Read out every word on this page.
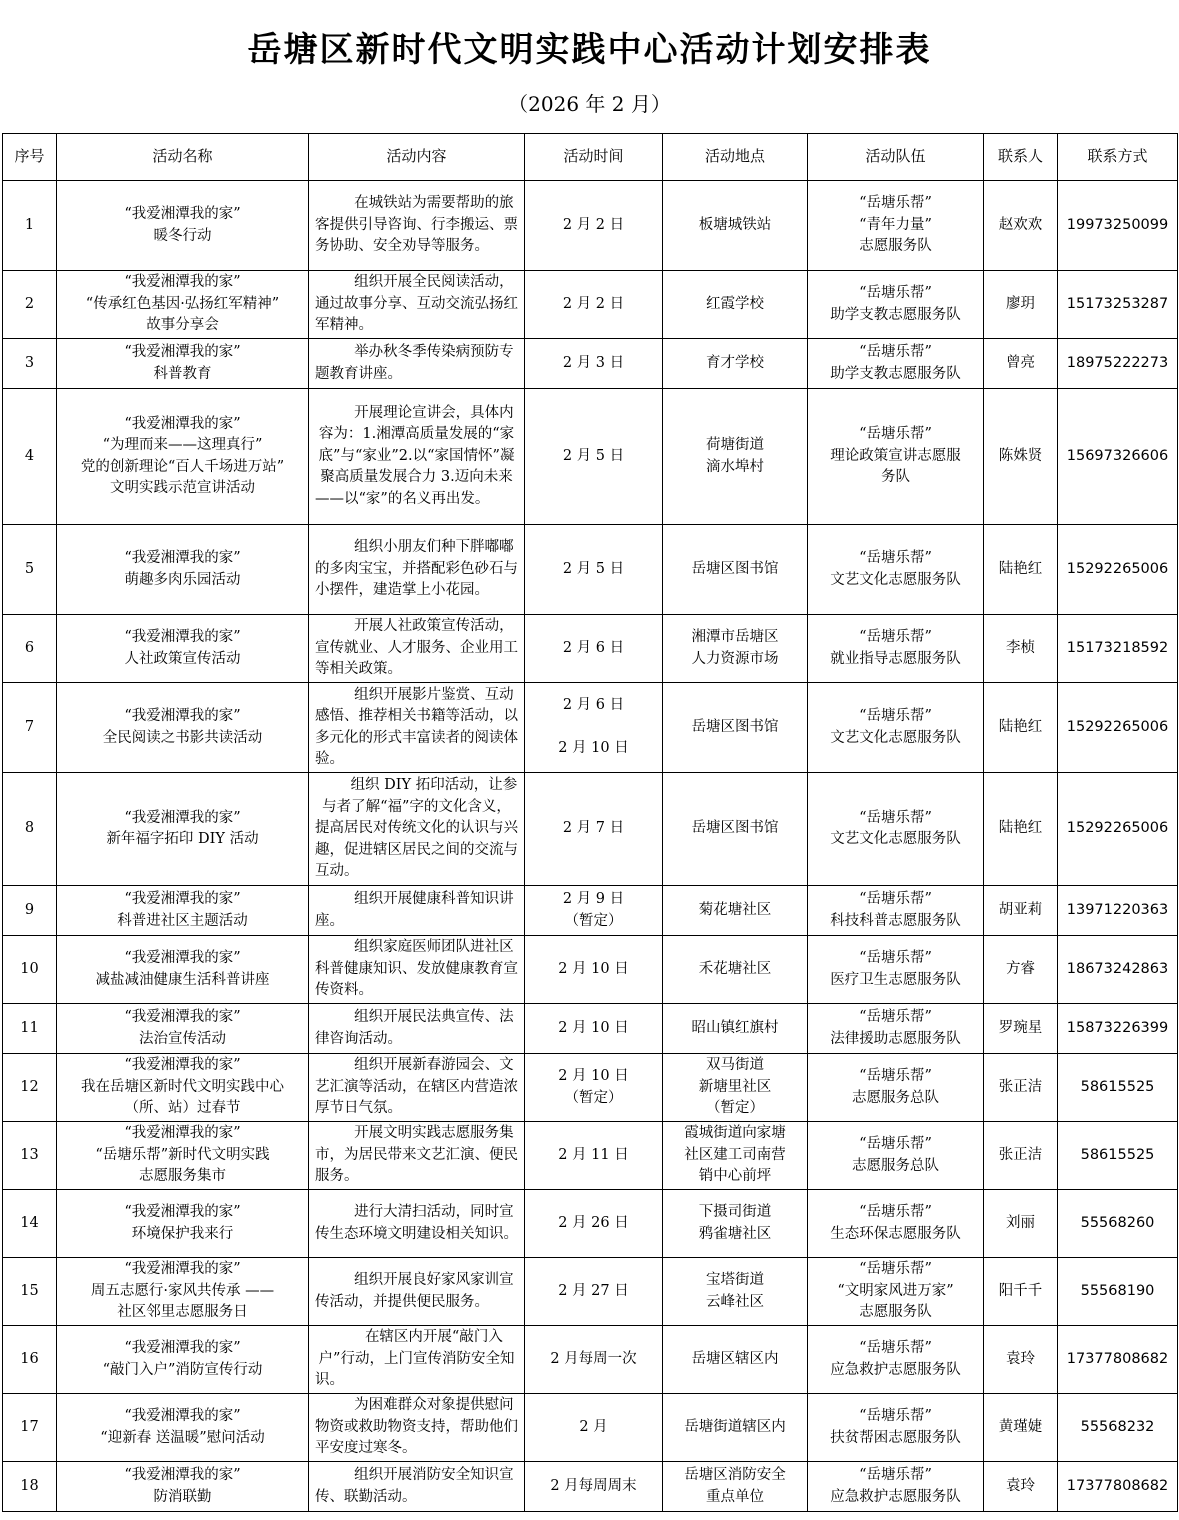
岳塘区新时代文明实践中心活动计划安排表
（2026 年 2 月）
序号	活动名称	活动内容	活动时间	活动地点	活动队伍	联系人	联系方式
1	“我爱湘潭我的家”
暖冬行动	在城铁站为需要帮助的旅客提供引导咨询、行李搬运、票务协助、安全劝导等服务。	2 月 2 日	板塘城铁站	“岳塘乐帮”
“青年力量”
志愿服务队	赵欢欢	19973250099
2	“我爱湘潭我的家”
“传承红色基因·弘扬红军精神”
故事分享会	组织开展全民阅读活动，通过故事分享、互动交流弘扬红军精神。	2 月 2 日	红霞学校	“岳塘乐帮”
助学支教志愿服务队	廖玥	15173253287
3	“我爱湘潭我的家”
科普教育	举办秋冬季传染病预防专题教育讲座。	2 月 3 日	育才学校	“岳塘乐帮”
助学支教志愿服务队	曾亮	18975222273
4	“我爱湘潭我的家”
“为理而来——这理真行”
党的创新理论“百人千场进万站”
文明实践示范宣讲活动	开展理论宣讲会，具体内容为：1.湘潭高质量发展的“家底”与“家业”2.以“家国情怀”凝聚高质量发展合力 3.迈向未来——以“家”的名义再出发。	2 月 5 日	荷塘街道
滴水埠村	“岳塘乐帮”
理论政策宣讲志愿服
务队	陈姝贤	15697326606
5	“我爱湘潭我的家”
萌趣多肉乐园活动	组织小朋友们种下胖嘟嘟的多肉宝宝，并搭配彩色砂石与小摆件，建造掌上小花园。	2 月 5 日	岳塘区图书馆	“岳塘乐帮”
文艺文化志愿服务队	陆艳红	15292265006
6	“我爱湘潭我的家”
人社政策宣传活动	开展人社政策宣传活动，宣传就业、人才服务、企业用工等相关政策。	2 月 6 日	湘潭市岳塘区
人力资源市场	“岳塘乐帮”
就业指导志愿服务队	李桢	15173218592
7	“我爱湘潭我的家”
全民阅读之书影共读活动	组织开展影片鉴赏、互动感悟、推荐相关书籍等活动，以多元化的形式丰富读者的阅读体验。	2 月 6 日

2 月 10 日	岳塘区图书馆	“岳塘乐帮”
文艺文化志愿服务队	陆艳红	15292265006
8	“我爱湘潭我的家”
新年福字拓印 DIY 活动	组织 DIY 拓印活动，让参与者了解“福”字的文化含义，提高居民对传统文化的认识与兴趣，促进辖区居民之间的交流与互动。	2 月 7 日	岳塘区图书馆	“岳塘乐帮”
文艺文化志愿服务队	陆艳红	15292265006
9	“我爱湘潭我的家”
科普进社区主题活动	组织开展健康科普知识讲座。	2 月 9 日
（暂定）	菊花塘社区	“岳塘乐帮”
科技科普志愿服务队	胡亚莉	13971220363
10	“我爱湘潭我的家”
减盐减油健康生活科普讲座	组织家庭医师团队进社区科普健康知识、发放健康教育宣传资料。	2 月 10 日	禾花塘社区	“岳塘乐帮”
医疗卫生志愿服务队	方睿	18673242863
11	“我爱湘潭我的家”
法治宣传活动	组织开展民法典宣传、法律咨询活动。	2 月 10 日	昭山镇红旗村	“岳塘乐帮”
法律援助志愿服务队	罗琬星	15873226399
12	“我爱湘潭我的家”
我在岳塘区新时代文明实践中心
（所、站）过春节	组织开展新春游园会、文艺汇演等活动，在辖区内营造浓厚节日气氛。	2 月 10 日
（暂定）	双马街道
新塘里社区
（暂定）	“岳塘乐帮”
志愿服务总队	张正洁	58615525
13	“我爱湘潭我的家”
“岳塘乐帮”新时代文明实践
志愿服务集市	开展文明实践志愿服务集市，为居民带来文艺汇演、便民服务。	2 月 11 日	霞城街道向家塘
社区建工司南营
销中心前坪	“岳塘乐帮”
志愿服务总队	张正洁	58615525
14	“我爱湘潭我的家”
环境保护我来行	进行大清扫活动，同时宣传生态环境文明建设相关知识。	2 月 26 日	下摄司街道
鸦雀塘社区	“岳塘乐帮”
生态环保志愿服务队	刘丽	55568260
15	“我爱湘潭我的家”
周五志愿行·家风共传承 ——
社区邻里志愿服务日	组织开展良好家风家训宣传活动，并提供便民服务。	2 月 27 日	宝塔街道
云峰社区	“岳塘乐帮”
“文明家风进万家”
志愿服务队	阳千千	55568190
16	“我爱湘潭我的家”
“敲门入户”消防宣传行动	在辖区内开展“敲门入户”行动，上门宣传消防安全知识。	2 月每周一次	岳塘区辖区内	“岳塘乐帮”
应急救护志愿服务队	袁玲	17377808682
17	“我爱湘潭我的家”
“迎新春 送温暖”慰问活动	为困难群众对象提供慰问物资或救助物资支持，帮助他们平安度过寒冬。	2 月	岳塘街道辖区内	“岳塘乐帮”
扶贫帮困志愿服务队	黄瑾婕	55568232
18	“我爱湘潭我的家”
防消联勤	组织开展消防安全知识宣传、联勤活动。	2 月每周周末	岳塘区消防安全
重点单位	“岳塘乐帮”
应急救护志愿服务队	袁玲	17377808682
